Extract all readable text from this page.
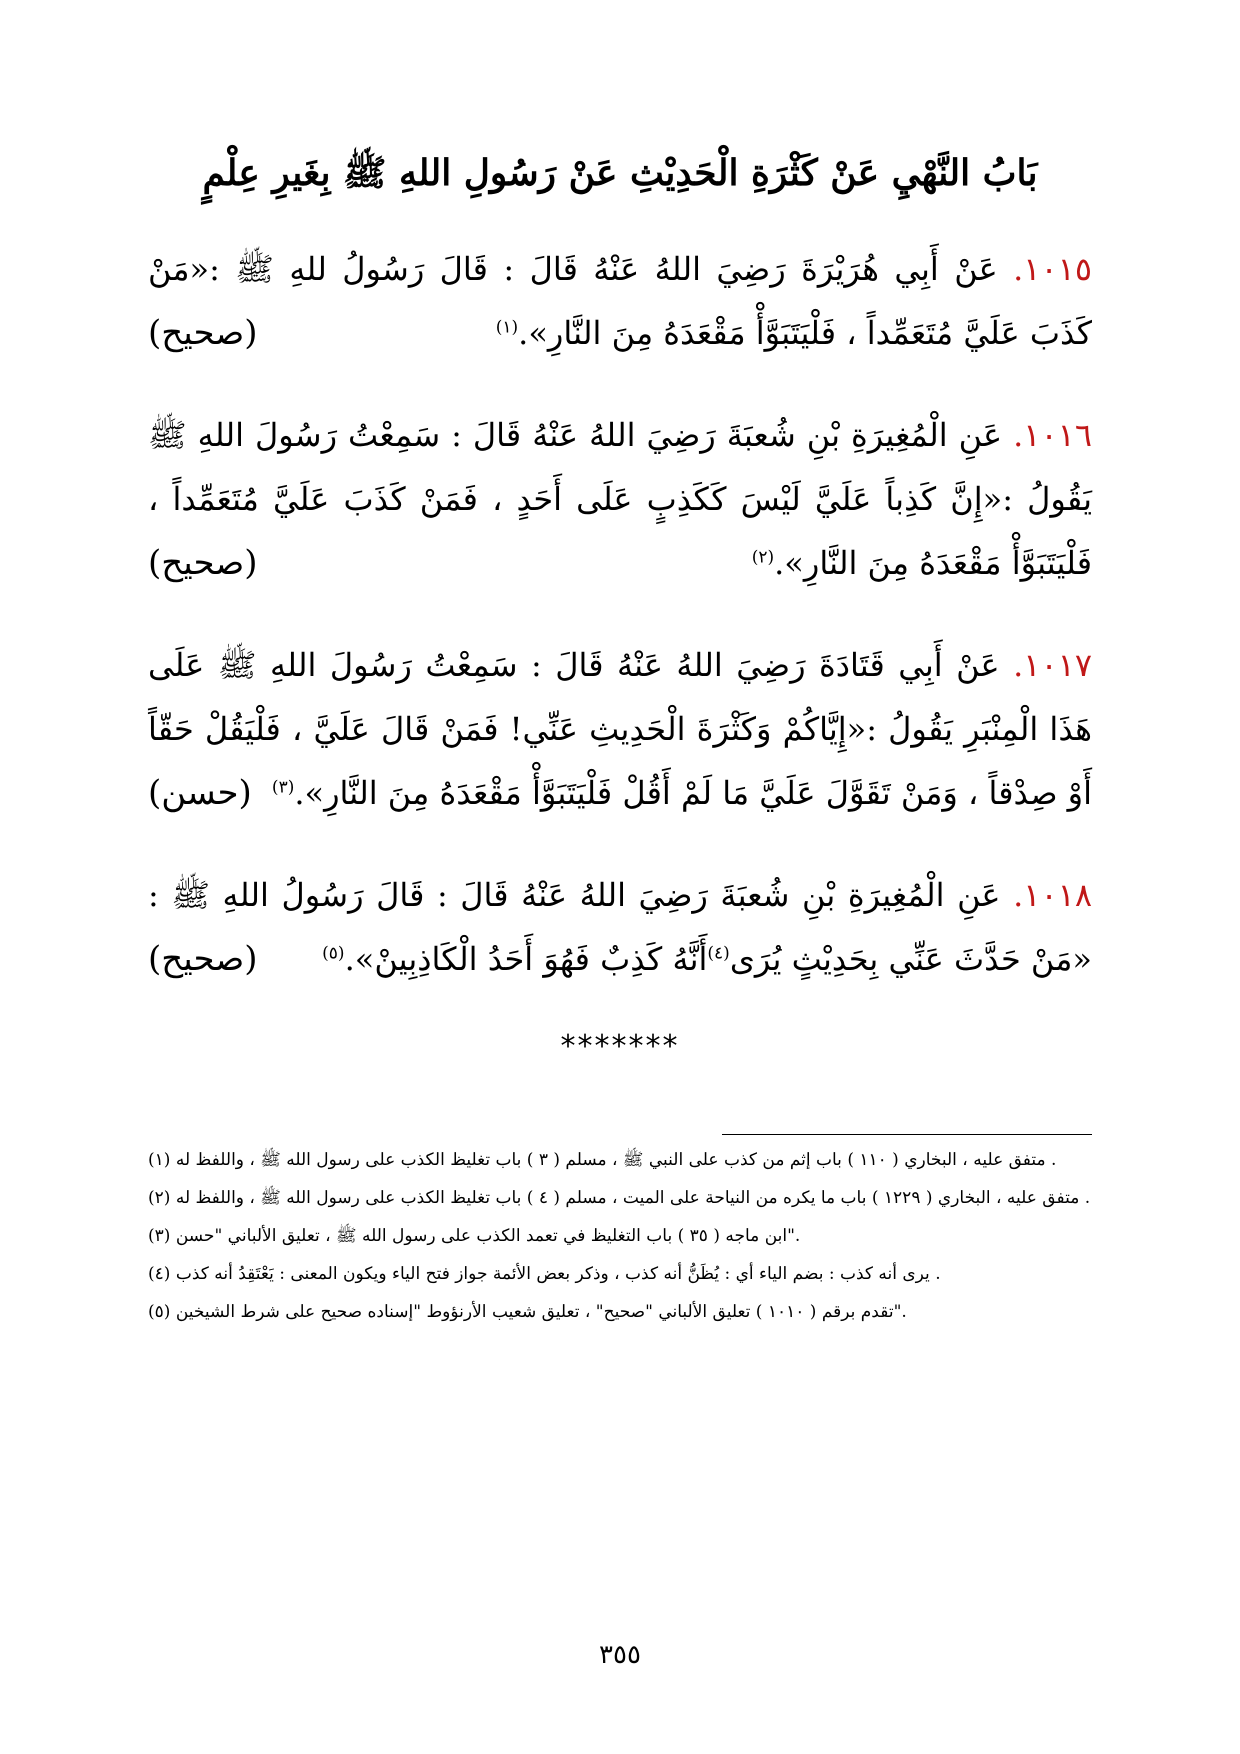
بَابُ النَّهْيِ عَنْ كَثْرَةِ الْحَدِيْثِ عَنْ رَسُولِ اللهِ ﷺ بِغَيرِ عِلْمٍ
١٠١٥. عَنْ أَبِي هُرَيْرَةَ رَضِيَ اللهُ عَنْهُ قَالَ : قَالَ رَسُولُ للهِ ﷺ :«مَنْ كَذَبَ عَلَيَّ مُتَعَمِّداً ، فَلْيَتَبَوَّأْ مَقْعَدَهُ مِنَ النَّارِ».$^{(١)}$
(صحيح)
١٠١٦. عَنِ الْمُغِيرَةِ بْنِ شُعبَةَ رَضِيَ اللهُ عَنْهُ قَالَ : سَمِعْتُ رَسُولَ اللهِ ﷺ يَقُولُ :«إِنَّ كَذِباً عَلَيَّ لَيْسَ كَكَذِبٍ عَلَى أَحَدٍ ، فَمَنْ كَذَبَ عَلَيَّ مُتَعَمِّداً ، فَلْيَتَبَوَّأْ مَقْعَدَهُ مِنَ النَّارِ».$^{(٢)}$
(صحيح)
١٠١٧. عَنْ أَبِي قَتَادَةَ رَضِيَ اللهُ عَنْهُ قَالَ : سَمِعْتُ رَسُولَ اللهِ ﷺ عَلَى هَذَا الْمِنْبَرِ يَقُولُ :«إِيَّاكُمْ وَكَثْرَةَ الْحَدِيثِ عَنِّي! فَمَنْ قَالَ عَلَيَّ ، فَلْيَقُلْ حَقّاً أَوْ صِدْقاً ، وَمَنْ تَقَوَّلَ عَلَيَّ مَا لَمْ أَقُلْ فَلْيَتَبَوَّأْ مَقْعَدَهُ مِنَ النَّارِ».$^{(٣)}$
(حسن)
١٠١٨. عَنِ الْمُغِيرَةِ بْنِ شُعبَةَ رَضِيَ اللهُ عَنْهُ قَالَ : قَالَ رَسُولُ اللهِ ﷺ : «مَنْ حَدَّثَ عَنِّي بِحَدِيْثٍ يُرَى$^{(٤)}$أَنَّهُ كَذِبٌ فَهُوَ أَحَدُ الْكَاذِبِينْ».$^{(٥)}$
(صحيح)
*******
(١) متفق عليه ، البخاري ( ١١٠ ) باب إثم من كذب على النبي ﷺ ، مسلم ( ٣ ) باب تغليظ الكذب على رسول الله ﷺ ، واللفظ له .
(٢) متفق عليه ، البخاري ( ١٢٢٩ ) باب ما يكره من النياحة على الميت ، مسلم ( ٤ ) باب تغليظ الكذب على رسول الله ﷺ ، واللفظ له .
(٣) ابن ماجه ( ٣٥ ) باب التغليظ في تعمد الكذب على رسول الله ﷺ ، تعليق الألباني "حسن".
(٤) يرى أنه كذب : بضم الياء أي : يُظَنُّ أنه كذب ، وذكر بعض الأئمة جواز فتح الياء ويكون المعنى : يَعْتَقِدُ أنه كذب .
(٥) تقدم برقم ( ١٠١٠ ) تعليق الألباني "صحيح" ، تعليق شعيب الأرنؤوط "إسناده صحيح على شرط الشيخين".
٣٥٥
